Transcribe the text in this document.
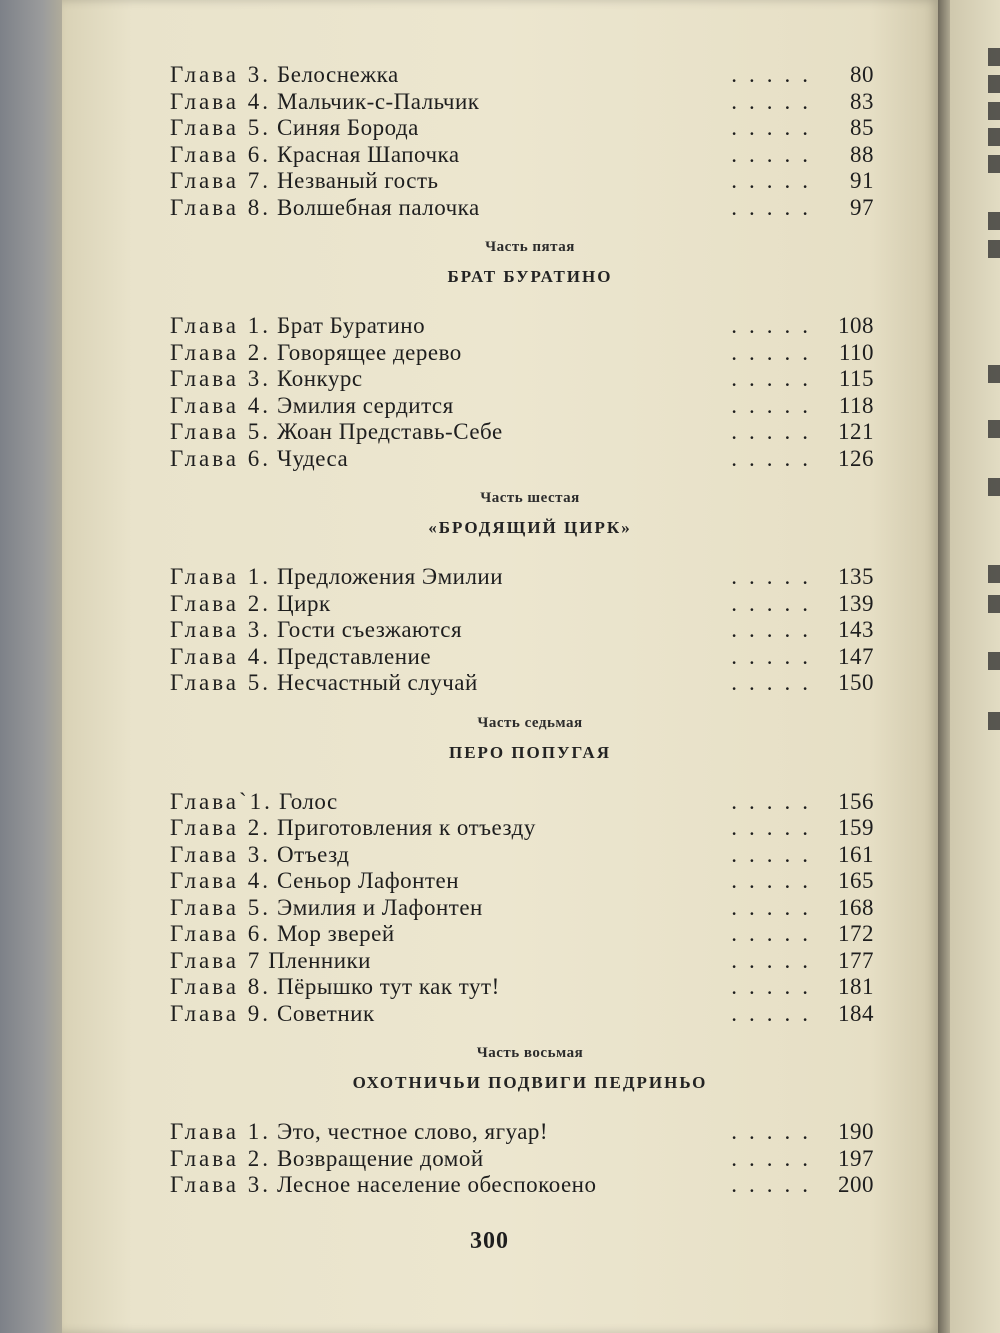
Глава 3. Белоснежка	..... 80
Глава 4. Мальчик-с-Пальчик	..... 83
Глава 5. Синяя Борода	..... 85
Глава 6. Красная Шапочка	..... 88
Глава 7. Незваный гость	..... 91
Глава 8. Волшебная палочка	..... 97
Часть пятая
БРАТ БУРАТИНО
Глава 1. Брат Буратино	..... 108
Глава 2. Говорящее дерево	..... 110
Глава 3. Конкурс	..... 115
Глава 4. Эмилия сердится	..... 118
Глава 5. Жоан Представь-Себе	..... 121
Глава 6. Чудеса	..... 126
Часть шестая
«БРОДЯЩИЙ ЦИРК»
Глава 1. Предложения Эмилии	..... 135
Глава 2. Цирк	..... 139
Глава 3. Гости съезжаются	..... 143
Глава 4. Представление	..... 147
Глава 5. Несчастный случай	..... 150
Часть седьмая
ПЕРО ПОПУГАЯ
Глава`1. Голос	..... 156
Глава 2. Приготовления к отъезду	..... 159
Глава 3. Отъезд	..... 161
Глава 4. Сеньор Лафонтен	..... 165
Глава 5. Эмилия и Лафонтен	..... 168
Глава 6. Мор зверей	..... 172
Глава 7 Пленники	..... 177
Глава 8. Пёрышко тут как тут!	..... 181
Глава 9. Советник	..... 184
Часть восьмая
ОХОТНИЧЬИ ПОДВИГИ ПЕДРИНЬО
Глава 1. Это, честное слово, ягуар!	..... 190
Глава 2. Возвращение домой	..... 197
Глава 3. Лесное население обеспокоено	..... 200
300
